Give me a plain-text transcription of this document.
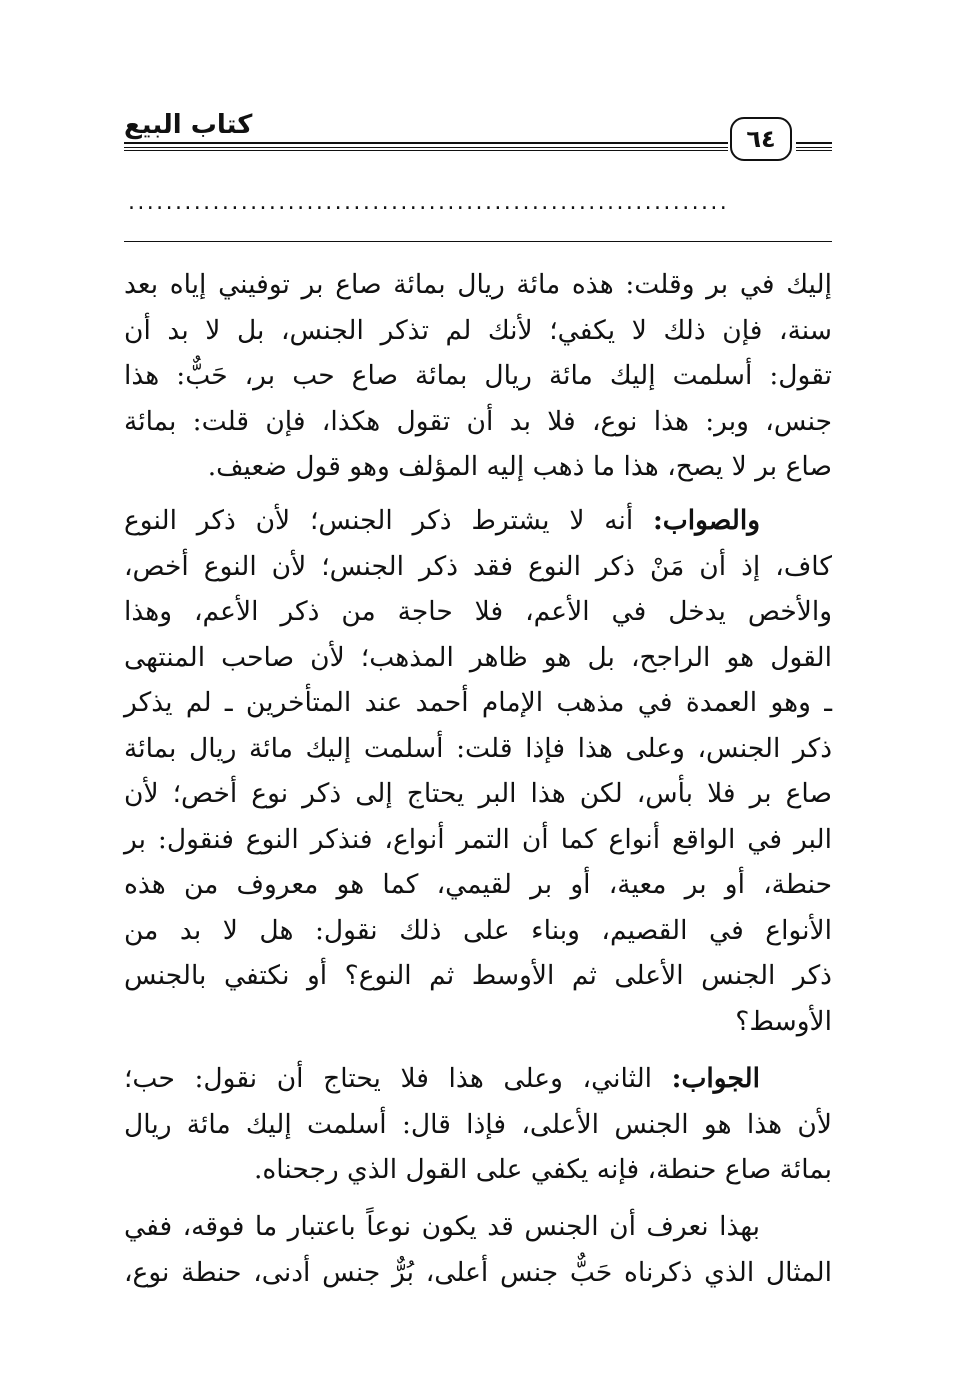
كتاب البيع	٦٤
................................................................
إليك في بر وقلت: هذه مائة ريال بمائة صاع بر توفيني إياه بعد
سنة، فإن ذلك لا يكفي؛ لأنك لم تذكر الجنس، بل لا بد أن
تقول: أسلمت إليك مائة ريال بمائة صاع حب بر، حَبٌّ: هذا
جنس، وبر: هذا نوع، فلا بد أن تقول هكذا، فإن قلت: بمائة
صاع بر لا يصح، هذا ما ذهب إليه المؤلف وهو قول ضعيف.
والصواب: أنه لا يشترط ذكر الجنس؛ لأن ذكر النوع
كاف، إذ أن مَنْ ذكر النوع فقد ذكر الجنس؛ لأن النوع أخص،
والأخص يدخل في الأعم، فلا حاجة من ذكر الأعم، وهذا
القول هو الراجح، بل هو ظاهر المذهب؛ لأن صاحب المنتهى
ـ وهو العمدة في مذهب الإمام أحمد عند المتأخرين ـ لم يذكر
ذكر الجنس، وعلى هذا فإذا قلت: أسلمت إليك مائة ريال بمائة
صاع بر فلا بأس، لكن هذا البر يحتاج إلى ذكر نوع أخص؛ لأن
البر في الواقع أنواع كما أن التمر أنواع، فنذكر النوع فنقول: بر
حنطة، أو بر معية، أو بر لقيمي، كما هو معروف من هذه
الأنواع في القصيم، وبناء على ذلك نقول: هل لا بد من
ذكر الجنس الأعلى ثم الأوسط ثم النوع؟ أو نكتفي بالجنس
الأوسط؟
الجواب: الثاني، وعلى هذا فلا يحتاج أن نقول: حب؛
لأن هذا هو الجنس الأعلى، فإذا قال: أسلمت إليك مائة ريال
بمائة صاع حنطة، فإنه يكفي على القول الذي رجحناه.
بهذا نعرف أن الجنس قد يكون نوعاً باعتبار ما فوقه، ففي
المثال الذي ذكرناه حَبٌّ جنس أعلى، بُرٌّ جنس أدنى، حنطة نوع،
